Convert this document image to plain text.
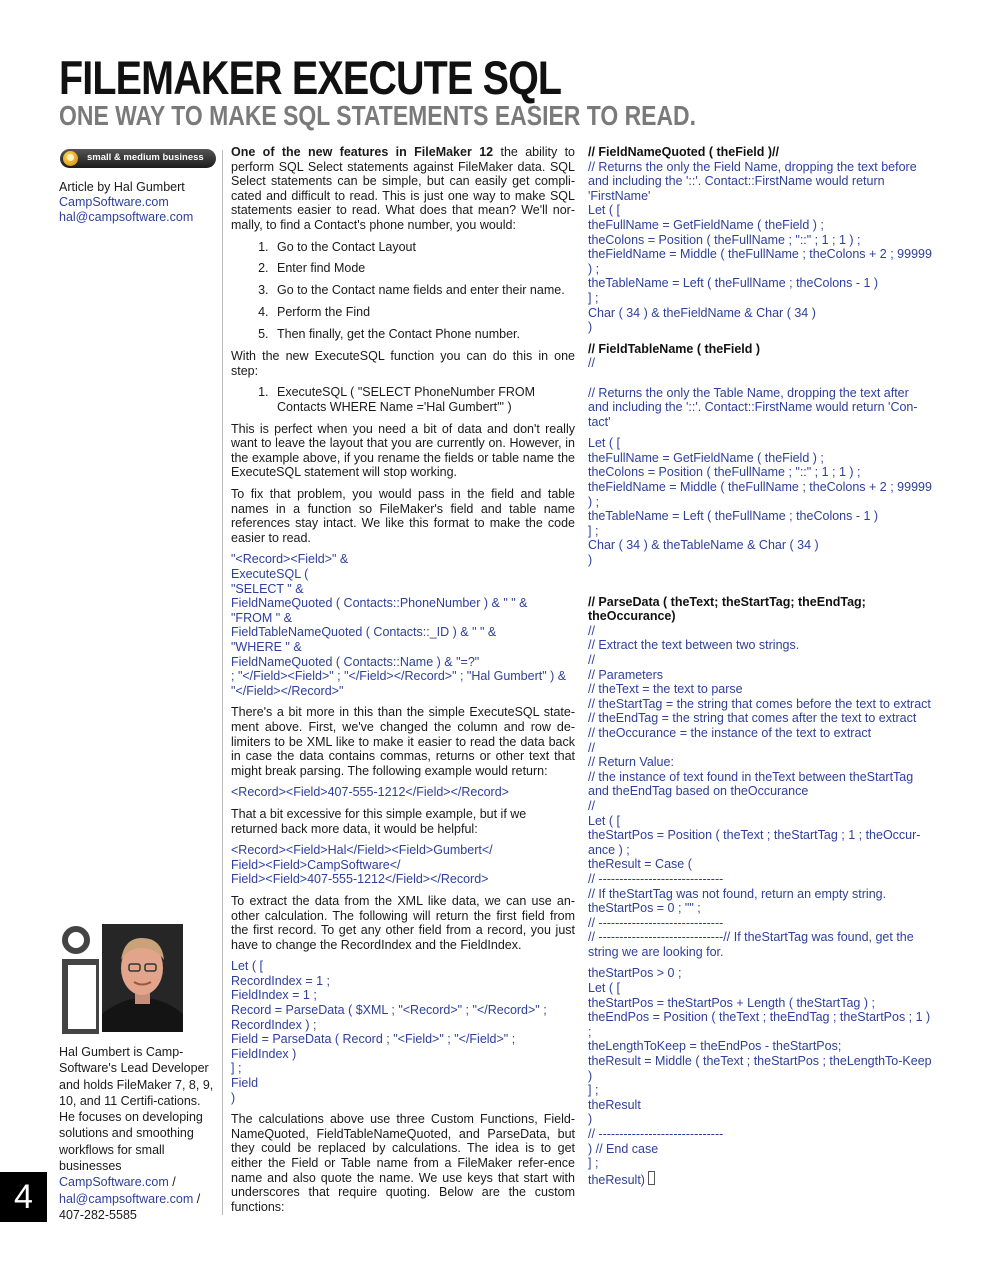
FILEMAKER EXECUTE SQL
ONE WAY TO MAKE SQL STATEMENTS EASIER TO READ.
small & medium business
Article by Hal Gumbert
CampSoftware.com
hal@campsoftware.com
Hal Gumbert is Camp-Software's Lead Developer and holds FileMaker 7, 8, 9, 10, and 11 Certifi-cations. He focuses on developing solutions and smoothing workflows for small businesses CampSoftware.com / hal@campsoftware.com / 407-282-5585
4

One of the new features in FileMaker 12 the ability to perform SQL Select statements against FileMaker data. SQL Select statements can be simple, but can easily get compli-cated and difficult to read. This is just one way to make SQL statements easier to read. What does that mean? We'll nor-mally, to find a Contact's phone number, you would:

1. Go to the Contact Layout
2. Enter find Mode
3. Go to the Contact name fields and enter their name.
4. Perform the Find
5. Then finally, get the Contact Phone number.

With the new ExecuteSQL function you can do this in one step:

1. ExecuteSQL ( "SELECT PhoneNumber FROM Contacts WHERE Name ='Hal Gumbert'" )

This is perfect when you need a bit of data and don't really want to leave the layout that you are currently on. However, in the example above, if you rename the fields or table name the ExecuteSQL statement will stop working.

To fix that problem, you would pass in the field and table names in a function so FileMaker's field and table name references stay intact. We like this format to make the code easier to read.

"<Record><Field>" &
ExecuteSQL (
"SELECT " &
FieldNameQuoted ( Contacts::PhoneNumber ) & " " &
"FROM " &
FieldTableNameQuoted ( Contacts::_ID ) & " " &
"WHERE " &
FieldNameQuoted ( Contacts::Name ) & "=?"
; "</Field><Field>" ; "</Field></Record>" ; "Hal Gumbert" ) &
"</Field></Record>"

There's a bit more in this than the simple ExecuteSQL state-ment above. First, we've changed the column and row de-limiters to be XML like to make it easier to read the data back in case the data contains commas, returns or other text that might break parsing. The following example would return:

<Record><Field>407-555-1212</Field></Record>

That a bit excessive for this simple example, but if we returned back more data, it would be helpful:

<Record><Field>Hal</Field><Field>Gumbert</
Field><Field>CampSoftware</
Field><Field>407-555-1212</Field></Record>

To extract the data from the XML like data, we can use an-other calculation. The following will return the first field from the first record. To get any other field from a record, you just have to change the RecordIndex and the FieldIndex.

Let ( [
RecordIndex = 1 ;
FieldIndex = 1 ;
Record = ParseData ( $XML ; "<Record>" ; "</Record>" ; RecordIndex ) ;
Field = ParseData ( Record ; "<Field>" ; "</Field>" ; FieldIndex )
] ;
Field
)

The calculations above use three Custom Functions, Field-NameQuoted, FieldTableNameQuoted, and ParseData, but they could be replaced by calculations. The idea is to get either the Field or Table name from a FileMaker refer-ence name and also quote the name. We use keys that start with underscores that require quoting. Below are the custom functions:

// FieldNameQuoted ( theField )//
// Returns the only the Field Name, dropping the text before and including the '::'. Contact::FirstName would return 'FirstName'
Let ( [
theFullName = GetFieldName ( theField ) ;
theColons = Position ( theFullName ; "::" ; 1 ; 1 ) ;
theFieldName = Middle ( theFullName ; theColons + 2 ; 99999 ) ;
theTableName = Left ( theFullName ; theColons - 1 )
] ;
Char ( 34 ) & theFieldName & Char ( 34 )
)
// FieldTableName ( theField )
//
// Returns the only the Table Name, dropping the text after and including the '::'. Contact::FirstName would return 'Con-tact'
Let ( [
theFullName = GetFieldName ( theField ) ;
theColons = Position ( theFullName ; "::" ; 1 ; 1 ) ;
theFieldName = Middle ( theFullName ; theColons + 2 ; 99999 ) ;
theTableName = Left ( theFullName ; theColons - 1 )
] ;
Char ( 34 ) & theTableName & Char ( 34 )
)
// ParseData ( theText; theStartTag; theEndTag; theOccurance)
//
// Extract the text between two strings.
//
// Parameters
// theText = the text to parse
// theStartTag = the string that comes before the text to extract
// theEndTag = the string that comes after the text to extract
// theOccurance = the instance of the text to extract
//
// Return Value:
// the instance of text found in theText between theStartTag and theEndTag based on theOccurance
//
Let ( [
theStartPos = Position ( theText ; theStartTag ; 1 ; theOccur-ance ) ;
theResult = Case (
// ------------------------------
// If theStartTag was not found, return an empty string.
theStartPos = 0 ; "" ;
// ------------------------------
// ------------------------------// If theStartTag was found, get the string we are looking for.
theStartPos > 0 ;
Let ( [
theStartPos = theStartPos + Length ( theStartTag ) ;
theEndPos = Position ( theText ; theEndTag ; theStartPos ; 1 ) ;
theLengthToKeep = theEndPos - theStartPos;
theResult = Middle ( theText ; theStartPos ; theLengthTo-Keep )
] ;
theResult
)
// ------------------------------
) // End case
] ;
theResult)
